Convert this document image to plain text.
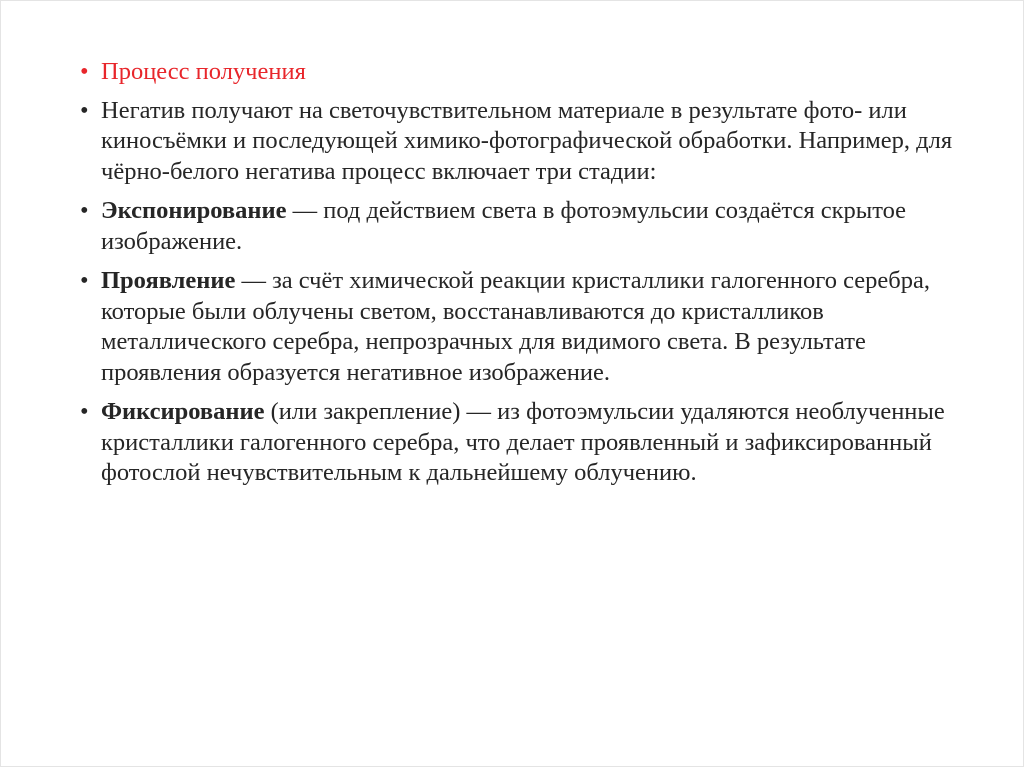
• Процесс получения
• Негатив получают на светочувствительном материале в результате фото- или киносъёмки и последующей химико-фотографической обработки. Например, для чёрно-белого негатива процесс включает три стадии:
• Экспонирование — под действием света в фотоэмульсии создаётся скрытое изображение.
• Проявление — за счёт химической реакции кристаллики галогенного серебра, которые были облучены светом, восстанавливаются до кристалликов металлического серебра, непрозрачных для видимого света. В результате проявления образуется негативное изображение.
• Фиксирование (или закрепление) — из фотоэмульсии удаляются необлученные кристаллики галогенного серебра, что делает проявленный и зафиксированный фотослой нечувствительным к дальнейшему облучению.
